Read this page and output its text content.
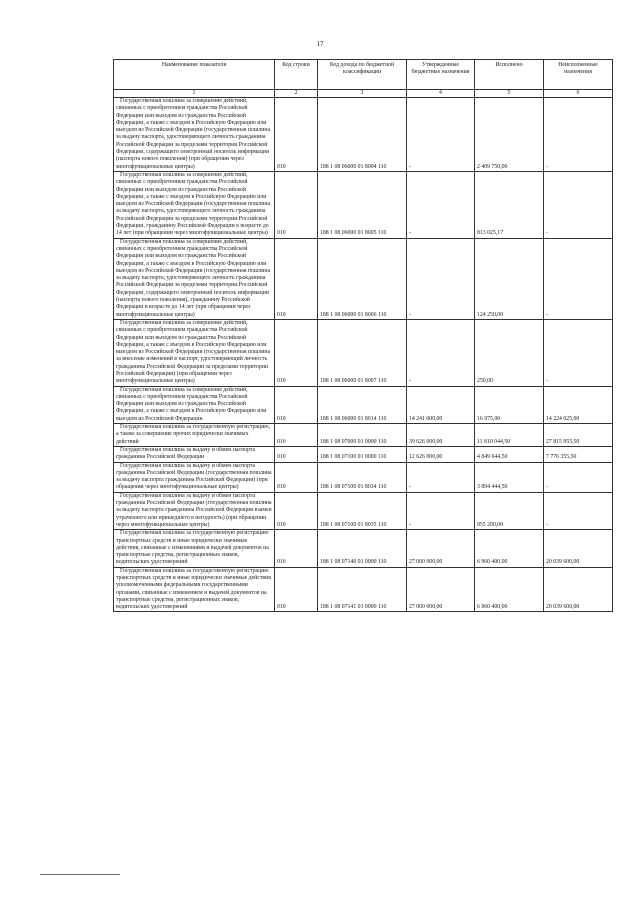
17
Наименование показателя	Код строки	Код дохода по бюджетной классификации	Утвержденные бюджетные назначения	Исполнено	Неисполненные назначения
1	2	3	4	5	6
Государственная пошлина за совершение действий, связанных с приобретением гражданства Российской Федерации или выходом из гражданства Российской Федерации, а также с въездом в Российскую Федерацию или выездом из Российской Федерации (государственная пошлина за выдачу паспорта, удостоверяющего личность гражданина Российской Федерации за пределами территории Российской Федерации, содержащего электронный носитель информации (паспорта нового поколения) (при обращении через многофункциональные центры)	010	188 1 08 06000 01 8004 110	-	2 409 750,00	-
Государственная пошлина за совершение действий, связанных с приобретением гражданства Российской Федерации или выходом из гражданства Российской Федерации, а также с въездом в Российскую Федерацию или выездом из Российской Федерации (государственная пошлина за выдачу паспорта, удостоверяющего личность гражданина Российской Федерации за пределами территории Российской Федерации, гражданину Российской Федерации в возрасте до 14 лет (при обращении через многофункциональные центры)	010	188 1 08 06000 01 8005 110	-	813 025,17	-
Государственная пошлина за совершение действий, связанных с приобретением гражданства Российской Федерации или выходом из гражданства Российской Федерации, а также с въездом в Российскую Федерацию или выездом из Российской Федерации (государственная пошлина за выдачу паспорта, удостоверяющего личность гражданина Российской Федерации за пределами территории Российской Федерации, содержащего электронный носитель информации (паспорта нового поколения), гражданину Российской Федерации в возрасте до 14 лет (при обращении через многофункциональные центры)	010	188 1 08 06000 01 8006 110	-	124 250,00	-
Государственная пошлина за совершение действий, связанных с приобретением гражданства Российской Федерации или выходом из гражданства Российской Федерации, а также с въездом в Российскую Федерацию или выездом из Российской Федерации (государственная пошлина за внесение изменений в паспорт, удостоверяющий личность гражданина Российской Федерации за пределами территории Российской Федерации) (при обращении через многофункциональные центры)	010	188 1 08 06000 01 8007 110	-	250,00	-
Государственная пошлина за совершение действий, связанных с приобретением гражданства Российской Федерации или выходом из гражданства Российской Федерации, а также с въездом в Российскую Федерацию или выездом из Российской Федерации	010	188 1 08 06000 01 8014 110	14 241 000,00	16 975,00	14 224 025,00
Государственная пошлина за государственную регистрацию, а также за совершение прочих юридически значимых действий	010	188 1 08 07000 01 0000 110	39 626 000,00	11 810 044,50	27 815 955,50
Государственная пошлина за выдачу и обмен паспорта гражданина Российской Федерации	010	188 1 08 07100 01 0000 110	12 626 000,00	4 849 644,50	7 776 355,50
Государственная пошлина за выдачу и обмен паспорта гражданина Российской Федерации (государственная пошлина за выдачу паспорта гражданина Российской Федерации) (при обращении через многофункциональные центры)	010	188 1 08 07100 01 8034 110	-	3 894 444,50	-
Государственная пошлина за выдачу и обмен паспорта гражданина Российской Федерации (государственная пошлина за выдачу паспорта гражданина Российской Федерации взамен утраченного или пришедшего в негодность) (при обращении через многофункциональные центры)	010	188 1 08 07100 01 8035 110	-	955 200,00	-
Государственная пошлина за государственную регистрацию транспортных средств и иные юридически значимые действия, связанные с изменениями и выдачей документов на транспортные средства, регистрационных знаков, водительских удостоверений	010	188 1 08 07140 01 0000 110	27 000 000,00	6 960 400,00	20 039 600,00
Государственная пошлина за государственную регистрацию транспортных средств и иные юридически значимые действия уполномоченными федеральными государственными органами, связанные с изменением и выдачей документов на транспортные средства, регистрационных знаков, водительских удостоверений	010	188 1 08 07141 01 0000 110	27 000 000,00	6 960 400,00	20 039 600,00
